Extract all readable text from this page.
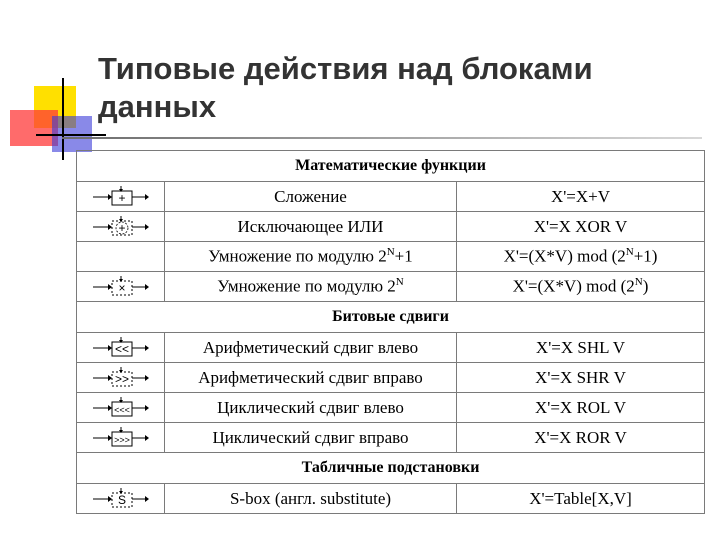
Типовые действия над блоками
данных
Математические функции		

+	Сложение	X'=X+V

+	Исключающее ИЛИ	X'=X XOR V
	Умножение по модулю $2^N+1$	X'=(X*V) mod $(2^N+1)$

×	Умножение по модулю $2^N$	X'=(X*V) mod $(2^N)$
Битовые сдвиги		

<<	Арифметический сдвиг влево	X'=X SHL V

>>	Арифметический сдвиг вправо	X'=X SHR V

<<<	Циклический сдвиг влево	X'=X ROL V

>>>	Циклический сдвиг вправо	X'=X ROR V
Табличные подстановки		

S	S-box (англ. substitute)	X'=Table[X,V]
